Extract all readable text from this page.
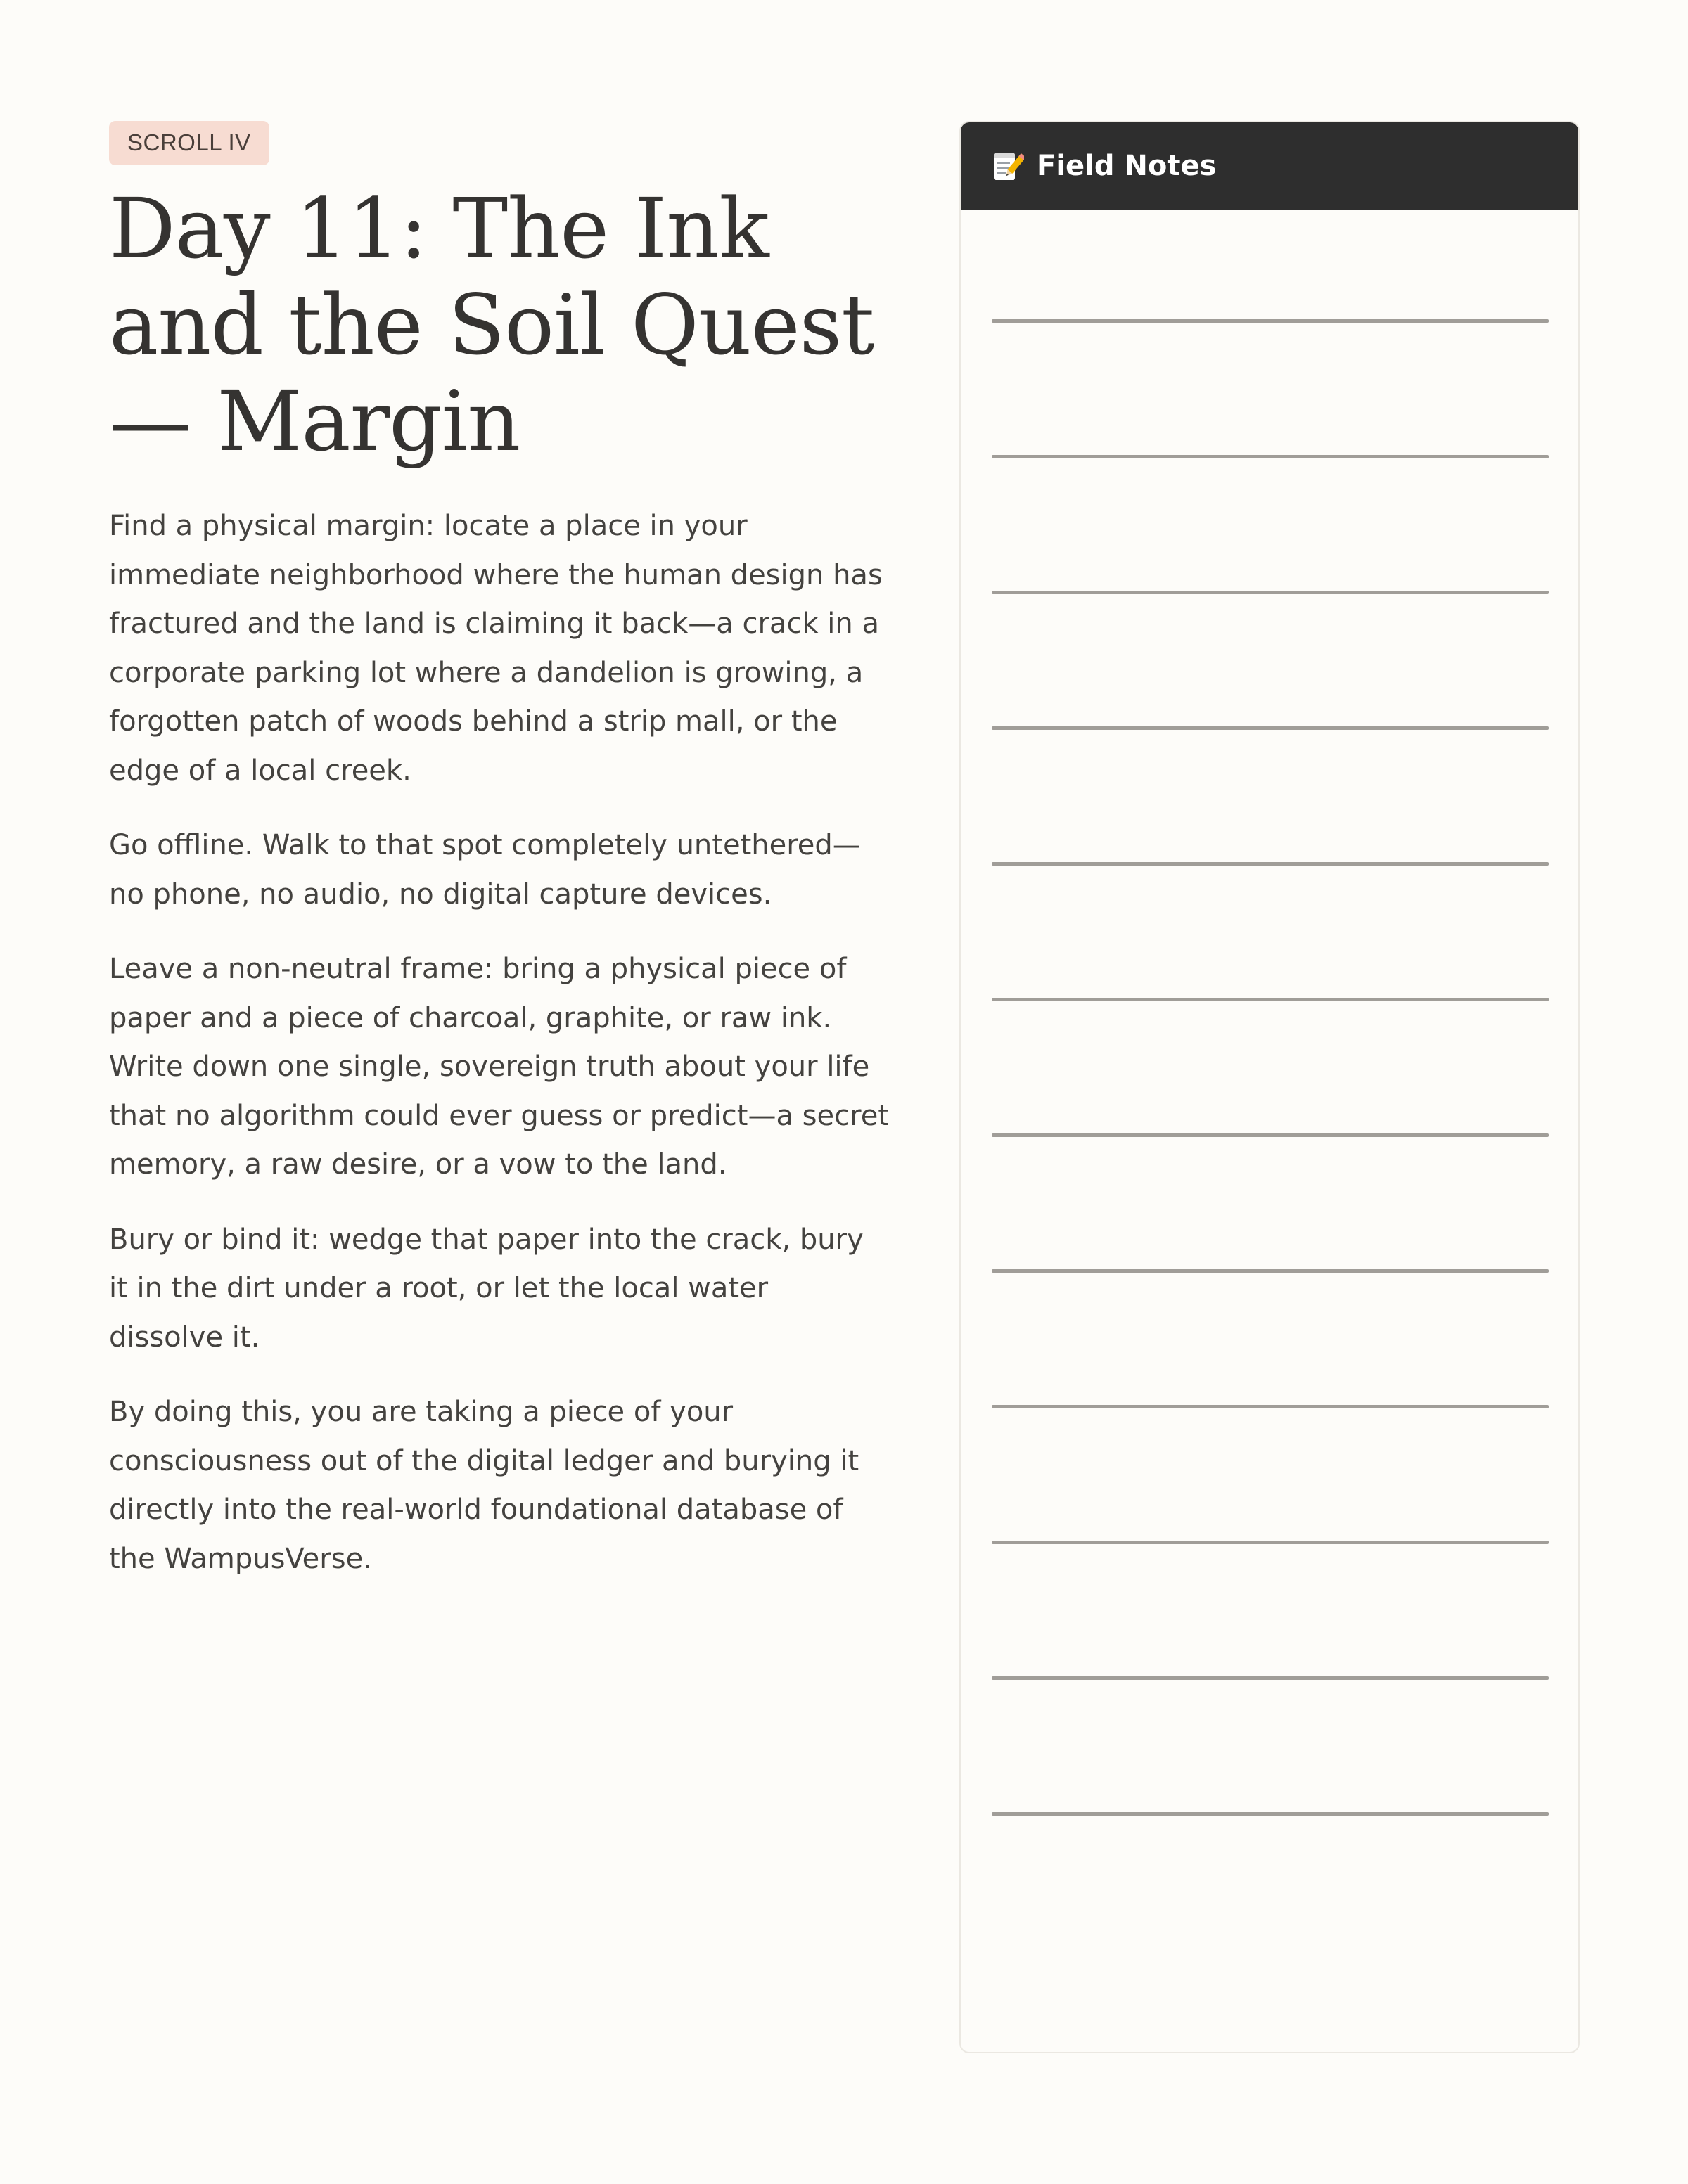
SCROLL IV
Day 11: The Ink and the Soil Quest — Margin

Find a physical margin: locate a place in your immediate neighborhood where the human design has fractured and the land is claiming it back—a crack in a corporate parking lot where a dandelion is growing, a forgotten patch of woods behind a strip mall, or the edge of a local creek.

Go offline. Walk to that spot completely untethered—no phone, no audio, no digital capture devices.

Leave a non-neutral frame: bring a physical piece of paper and a piece of charcoal, graphite, or raw ink. Write down one single, sovereign truth about your life that no algorithm could ever guess or predict—a secret memory, a raw desire, or a vow to the land.

Bury or bind it: wedge that paper into the crack, bury it in the dirt under a root, or let the local water dissolve it.

By doing this, you are taking a piece of your consciousness out of the digital ledger and burying it directly into the real-world foundational database of the WampusVerse.

Field Notes
